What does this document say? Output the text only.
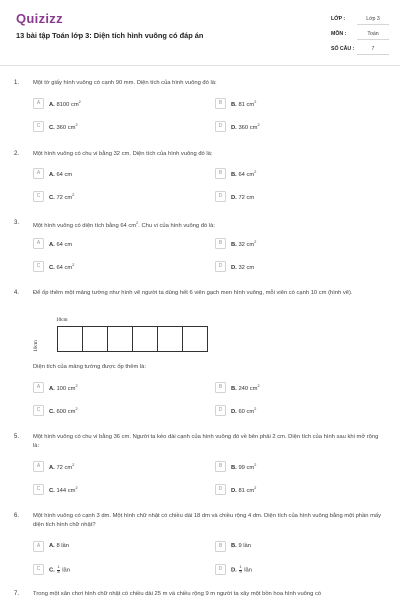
Quizizz
13 bài tập Toán lớp 3: Diện tích hình vuông có đáp án
LỚP :	Lớp 3
MÔN :	Toán
SỐ CÂU :	7
1. Một tờ giấy hình vuông có cạnh 90 mm. Diện tích của hình vuông đó là:
A	A. 8100 $cm^2$	B	B. 81 $cm^2$
C	C. 360 $cm^2$	D	D. 360 $cm^2$
2. Một hình vuông có chu vi bằng 32 cm. Diện tích của hình vuông đó là:
A	A. 64 cm	B	B. 64 $cm^2$
C	C. 72 $cm^2$	D	D. 72 cm
3. Một hình vuông có diện tích bằng 64 $cm^2$. Chu vi của hình vuông đó là:
A	A. 64 cm	B	B. 32 $cm^2$
C	C. 64 $cm^2$	D	D. 32 cm
4. Để ốp thêm một mảng tường như hình vẽ người ta dùng hết 6 viên gạch men hình vuông, mỗi viên có cạnh 10 cm (hình vẽ).
10cm
10cm
Diện tích của mảng tường được ốp thêm là:
A	A. 100 $cm^2$	B	B. 240 $cm^2$
C	C. 600 $cm^2$	D	D. 60 $cm^2$
5. Một hình vuông có chu vi bằng 36 cm. Người ta kéo dài cạnh của hình vuông đó về bên phải 2 cm. Diện tích của hình sau khi mở rộng là:
A	A. 72 $cm^2$	B	B. 99 $cm^2$
C	C. 144 $cm^2$	D	D. 81 $cm^2$
6. Một hình vuông có cạnh 3 dm. Một hình chữ nhật có chiều dài 18 dm và chiều rộng 4 dm. Diện tích của hình vuông bằng một phần mấy diện tích hình chữ nhật?
A	A. 8 lần	B	B. 9 lần
C	C. $\frac{1}{8}$ lần	D	D. $\frac{1}{9}$ lần
7. Trong một sân chơi hình chữ nhật có chiều dài 25 m và chiều rộng 9 m người ta xây một bồn hoa hình vuông có
